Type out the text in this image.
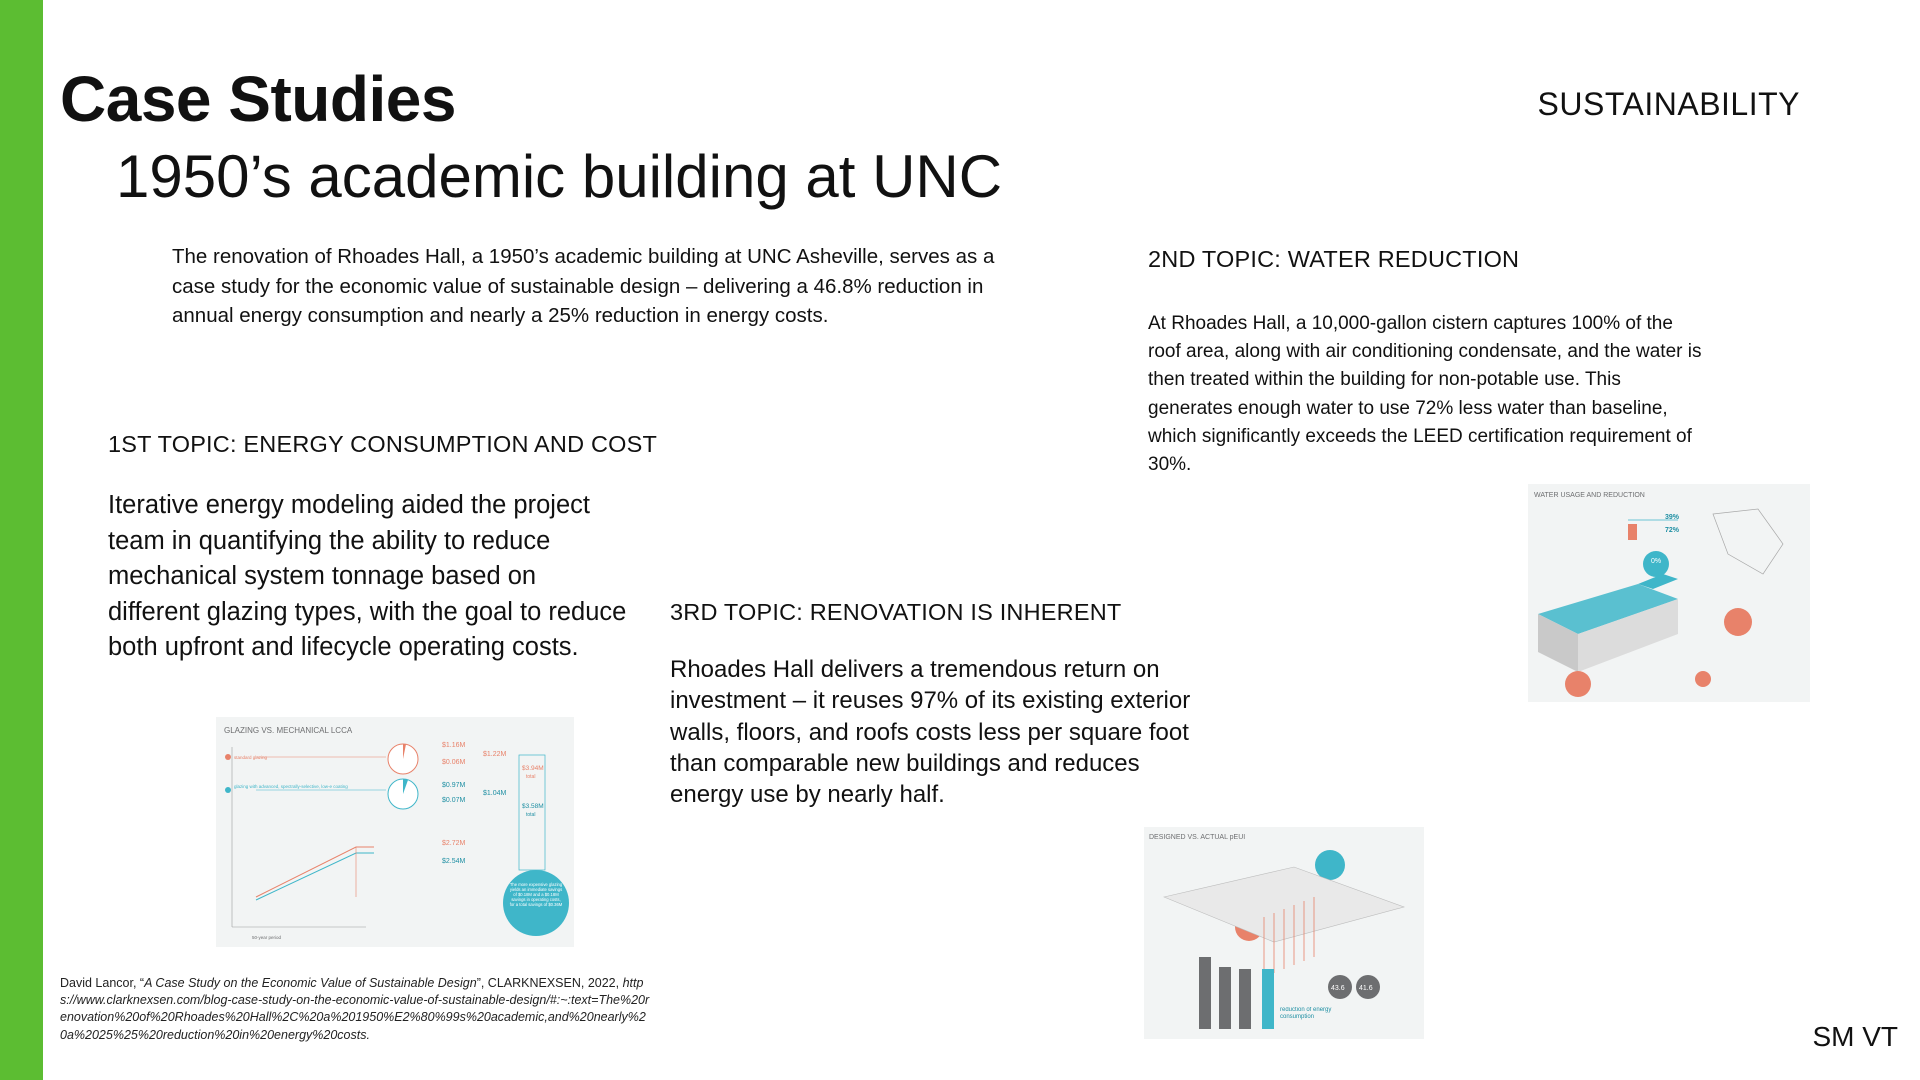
Case Studies	SUSTAINABILITY
1950’s academic building at UNC

The renovation of Rhoades Hall, a 1950’s academic building at UNC Asheville, serves as a case study for the economic value of sustainable design – delivering a 46.8% reduction in annual energy consumption and nearly a 25% reduction in energy costs.

1ST TOPIC: ENERGY CONSUMPTION AND COST

Iterative energy modeling aided the project team in quantifying the ability to reduce mechanical system tonnage based on different glazing types, with the goal to reduce both upfront and lifecycle operating costs.

2ND TOPIC: WATER REDUCTION

At Rhoades Hall, a 10,000-gallon cistern captures 100% of the roof area, along with air conditioning condensate, and the water is then treated within the building for non-potable use. This generates enough water to use 72% less water than baseline, which significantly exceeds the LEED certification requirement of 30%.

3RD TOPIC: RENOVATION IS INHERENT

Rhoades Hall delivers a tremendous return on investment – it reuses 97% of its existing exterior walls, floors, and roofs costs less per square foot than comparable new buildings and reduces energy use by nearly half.

GLAZING VS. MECHANICAL LCCA
standard glazing
glazing with advanced, spectrally-selective, low-e coating
$1.16M
$0.06M
$1.22M
$0.97M
$0.07M
$1.04M
$3.94M
total
$3.58M
total
$2.72M
$2.54M
The more expensive glazing yields an immediate savings of $0.18M and a $0.18M savings in operating costs, for a total savings of $0.36M
50-year period
WATER USAGE AND REDUCTION
39%
72%
0%
DESIGNED VS. ACTUAL pEUI
43.6 41.6
reduction of energy consumption
David Lancor, “A Case Study on the Economic Value of Sustainable Design”, CLARKNEXSEN, 2022, https://www.clarknexsen.com/blog-case-study-on-the-economic-value-of-sustainable-design/#:~:text=The%20renovation%20of%20Rhoades%20Hall%2C%20a%201950%E2%80%99s%20academic,and%20nearly%20a%2025%25%20reduction%20in%20energy%20costs.	SM VT
